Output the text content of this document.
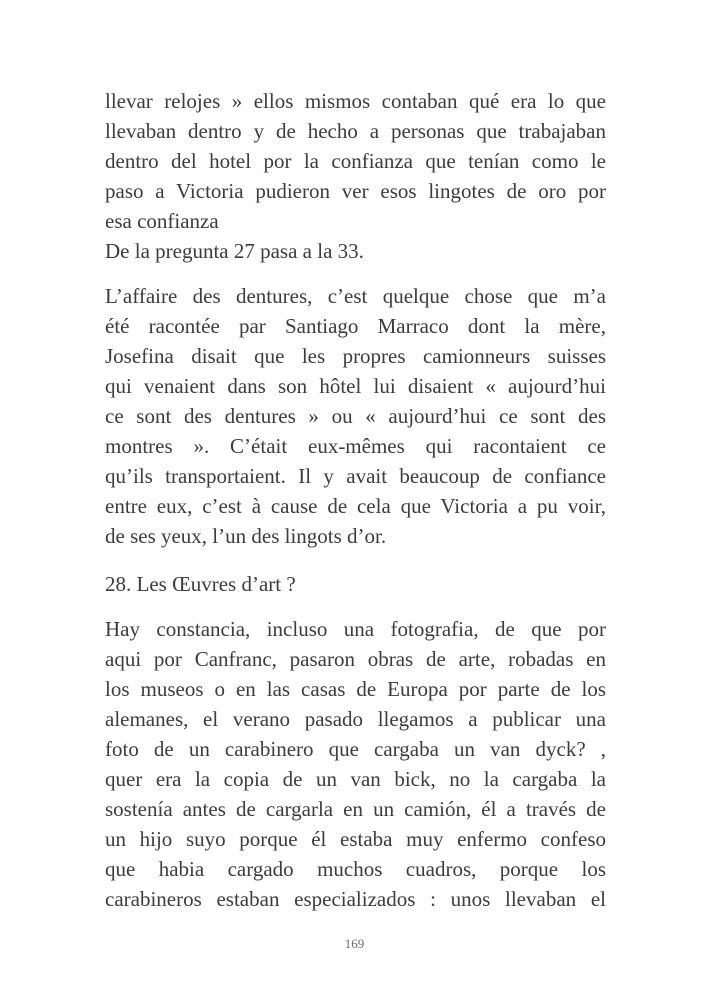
llevar relojes » ellos mismos contaban qué era lo que
llevaban dentro y de hecho a personas que trabajaban
dentro del hotel por la confianza que tenían como le
paso a Victoria pudieron ver esos lingotes de oro por
esa confianza
De la pregunta 27 pasa a la 33.
L’affaire des dentures, c’est quelque chose que m’a
été racontée par Santiago Marraco dont la mère,
Josefina disait que les propres camionneurs suisses
qui venaient dans son hôtel lui disaient « aujourd’hui
ce sont des dentures » ou « aujourd’hui ce sont des
montres ». C’était eux-mêmes qui racontaient ce
qu’ils transportaient. Il y avait beaucoup de confiance
entre eux, c’est à cause de cela que Victoria a pu voir,
de ses yeux, l’un des lingots d’or.
28. Les Œuvres d’art ?
Hay constancia, incluso una fotografia, de que por
aqui por Canfranc, pasaron obras de arte, robadas en
los museos o en las casas de Europa por parte de los
alemanes, el verano pasado llegamos a publicar una
foto de un carabinero que cargaba un van dyck? ,
quer era la copia de un van bick, no la cargaba la
sostenía antes de cargarla en un camión, él a través de
un hijo suyo porque él estaba muy enfermo confeso
que habia cargado muchos cuadros, porque los
carabineros estaban especializados : unos llevaban el
169
